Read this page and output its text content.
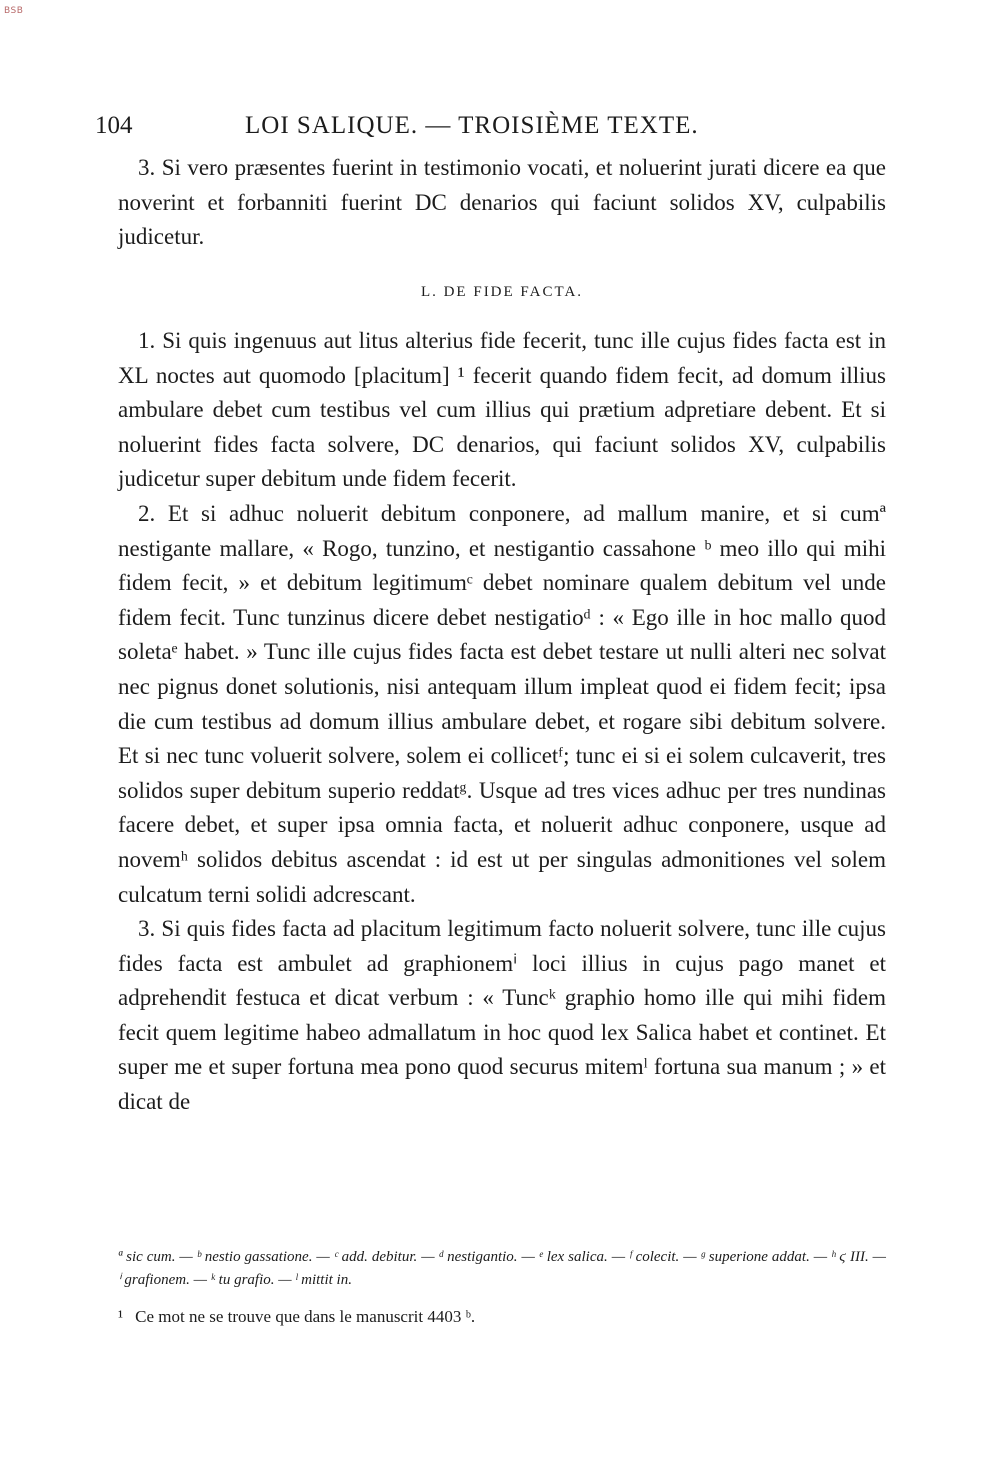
BSB
104	LOI SALIQUE. — TROISIÈME TEXTE.

3. Si vero præsentes fuerint in testimonio vocati, et noluerint jurati dicere ea que noverint et forbanniti fuerint DC denarios qui faciunt solidos XV, culpabilis judicetur.

L. DE FIDE FACTA.

1. Si quis ingenuus aut litus alterius fide fecerit, tunc ille cujus fides facta est in XL noctes aut quomodo [placitum] ¹ fecerit quando fidem fecit, ad domum illius ambulare debet cum testibus vel cum illius qui prætium adpretiare debent. Et si noluerint fides facta solvere, DC denarios, qui faciunt solidos XV, culpabilis judicetur super debitum unde fidem fecerit.

2. Et si adhuc noluerit debitum conponere, ad mallum manire, et si cumª nestigante mallare, « Rogo, tunzino, et nestigantio cassahone ᵇ meo illo qui mihi fidem fecit, » et debitum legitimumᶜ debet nominare qualem debitum vel unde fidem fecit. Tunc tunzinus dicere debet nestigatioᵈ : « Ego ille in hoc mallo quod soletaᵉ habet. » Tunc ille cujus fides facta est debet testare ut nulli alteri nec solvat nec pignus donet solutionis, nisi antequam illum impleat quod ei fidem fecit; ipsa die cum testibus ad domum illius ambulare debet, et rogare sibi debitum solvere. Et si nec tunc voluerit solvere, solem ei collicetᶠ; tunc ei si ei solem culcaverit, tres solidos super debitum superio reddatᵍ. Usque ad tres vices adhuc per tres nundinas facere debet, et super ipsa omnia facta, et noluerit adhuc conponere, usque ad novemʰ solidos debitus ascendat : id est ut per singulas admonitiones vel solem culcatum terni solidi adcrescant.

3. Si quis fides facta ad placitum legitimum facto noluerit solvere, tunc ille cujus fides facta est ambulet ad graphionemⁱ loci illius in cujus pago manet et adprehendit festuca et dicat verbum : « Tuncᵏ graphio homo ille qui mihi fidem fecit quem legitime habeo admallatum in hoc quod lex Salica habet et continet. Et super me et super fortuna mea pono quod securus mitemˡ fortuna sua manum ; » et dicat de

ª sic cum. — ᵇ nestio gassatione. — ᶜ add. debitur. — ᵈ nestigantio. — ᵉ lex salica. — ᶠ colecit. — ᵍ superione addat. — ʰ ϛ III. — ⁱ grafionem. — ᵏ tu grafio. — ˡ mittit in.
¹ Ce mot ne se trouve que dans le manuscrit 4403 ᵇ.
